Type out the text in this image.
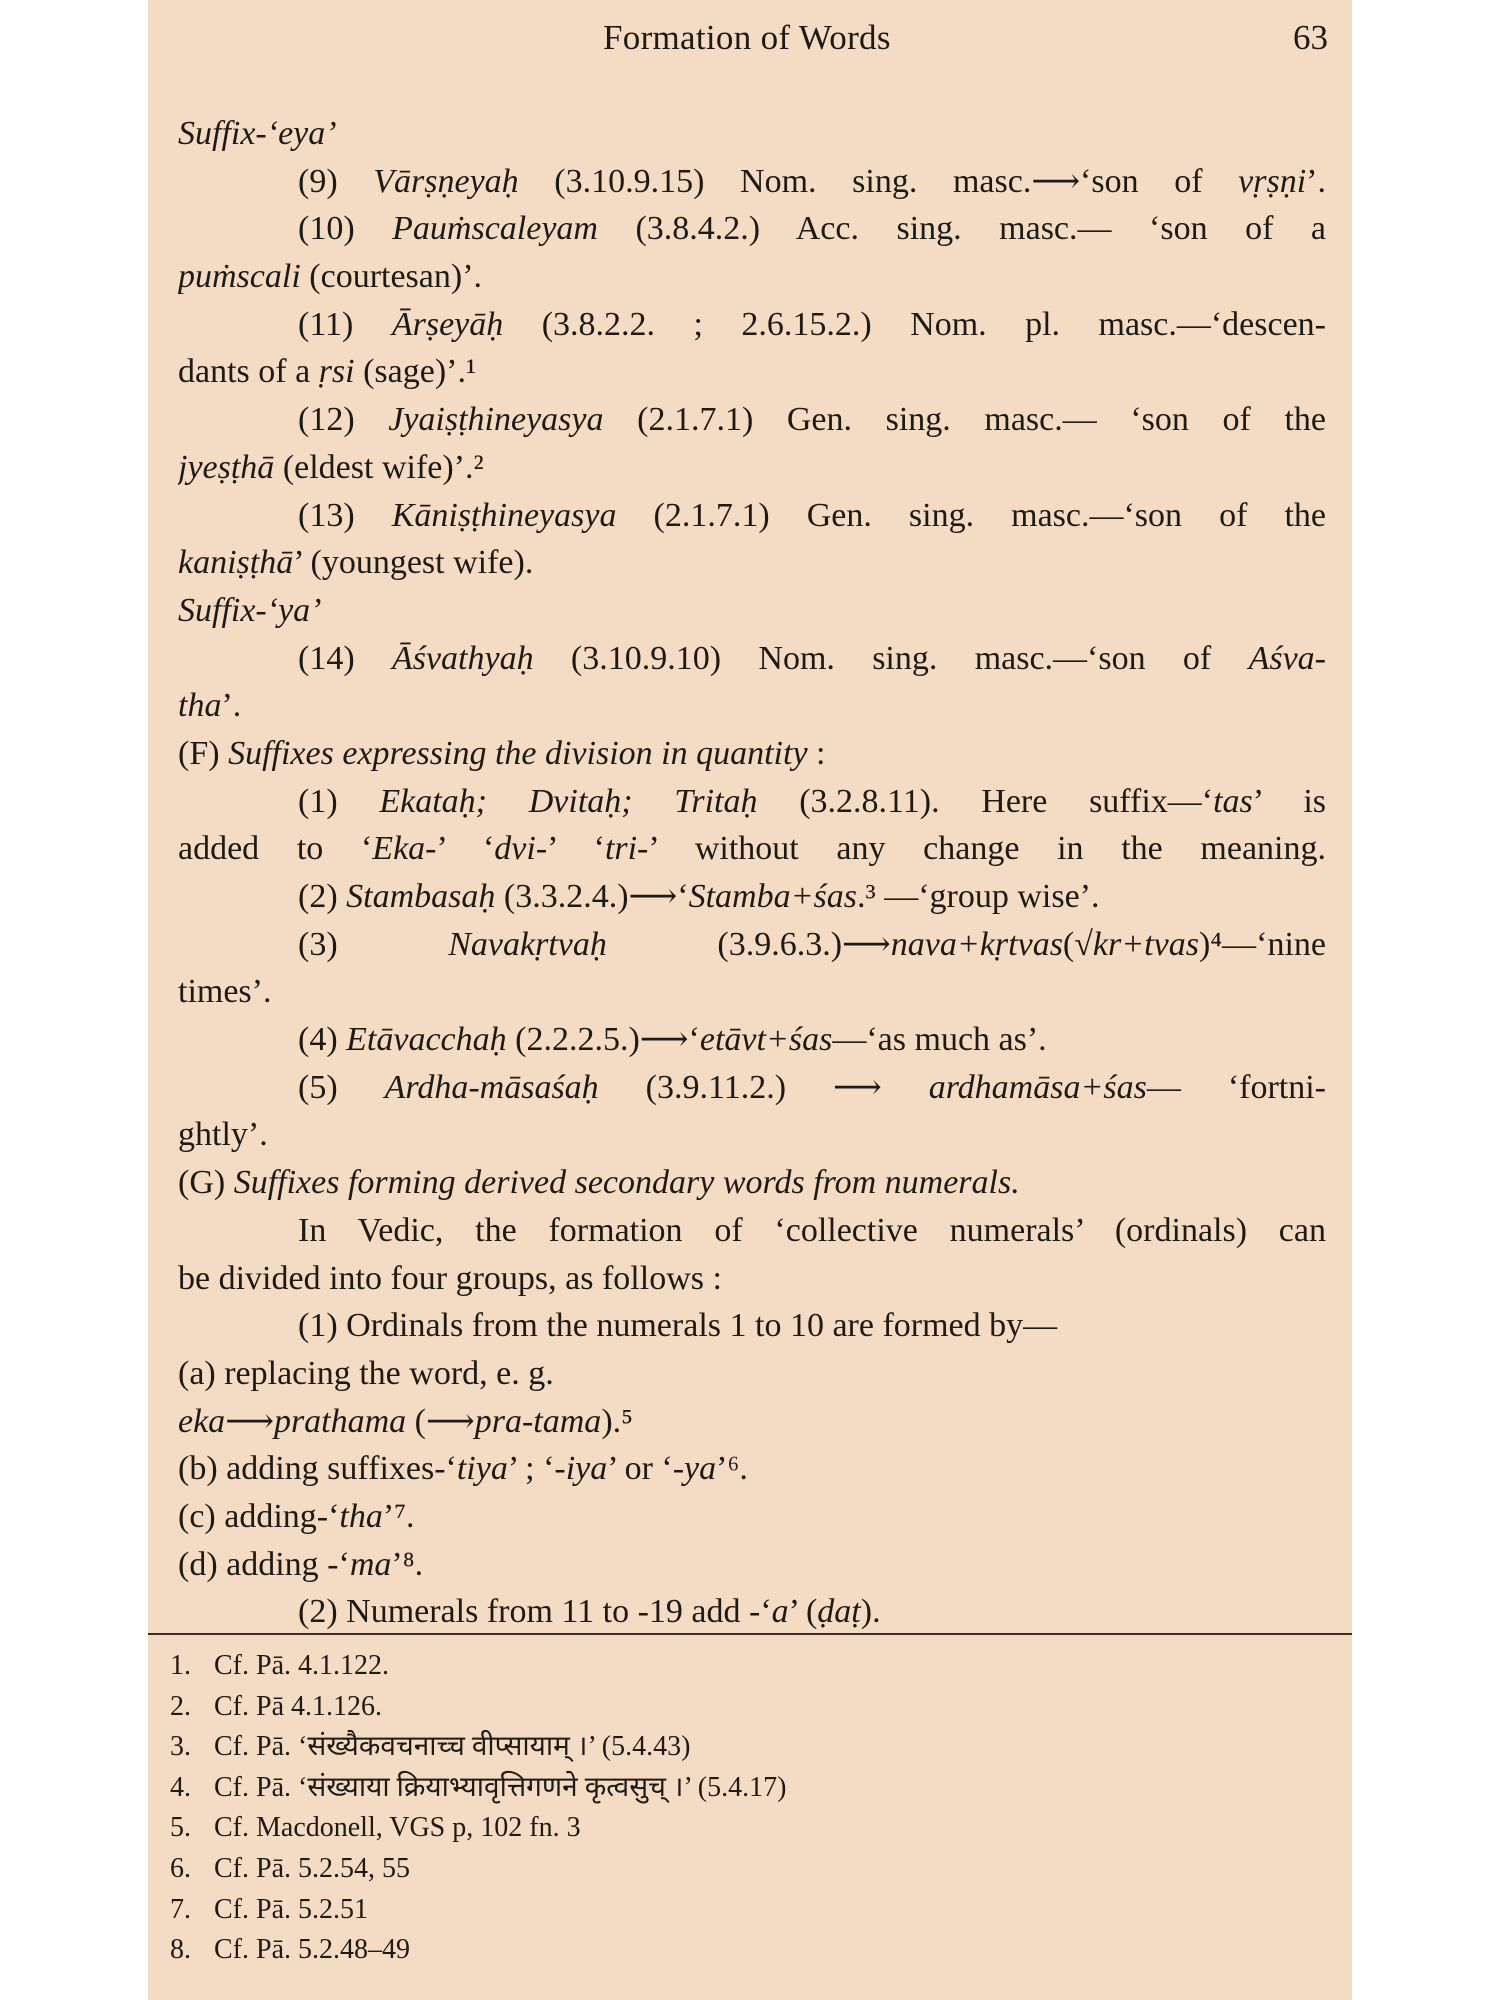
Formation of Words	63
Suffix-‘eya’
(9) Vārṣṇeyaḥ (3.10.9.15) Nom. sing. masc.⟶‘son of vṛṣṇi’.
(10) Pauṁscaleyam (3.8.4.2.) Acc. sing. masc.— ‘son of a
puṁscali (courtesan)’.
(11) Ārṣeyāḥ (3.8.2.2. ; 2.6.15.2.) Nom. pl. masc.—‘descen-
dants of a ṛsi (sage)’.¹
(12) Jyaiṣṭhineyasya (2.1.7.1) Gen. sing. masc.— ‘son of the
jyeṣṭhā (eldest wife)’.²
(13) Kāniṣṭhineyasya (2.1.7.1) Gen. sing. masc.—‘son of the
kaniṣṭhā’ (youngest wife).
Suffix-‘ya’
(14) Āśvathyaḥ (3.10.9.10) Nom. sing. masc.—‘son of Aśva-
tha’.
(F) Suffixes expressing the division in quantity :
(1) Ekataḥ; Dvitaḥ; Tritaḥ (3.2.8.11). Here suffix—‘tas’ is
added to ‘Eka-’ ‘dvi-’ ‘tri-’ without any change in the meaning.
(2) Stambasaḥ (3.3.2.4.)⟶‘Stamba+śas.³ —‘group wise’.
(3) Navakṛtvaḥ (3.9.6.3.)⟶nava+kṛtvas(√kr+tvas)⁴—‘nine
times’.
(4) Etāvacchaḥ (2.2.2.5.)⟶‘etāvt+śas—‘as much as’.
(5) Ardha-māsaśaḥ (3.9.11.2.) ⟶ ardhamāsa+śas— ‘fortni-
ghtly’.
(G) Suffixes forming derived secondary words from numerals.
In Vedic, the formation of ‘collective numerals’ (ordinals) can
be divided into four groups, as follows :
(1) Ordinals from the numerals 1 to 10 are formed by—
(a) replacing the word, e. g.
eka⟶prathama (⟶pra-tama).⁵
(b) adding suffixes-‘tiya’ ; ‘-iya’ or ‘-ya’⁶.
(c) adding-‘tha’⁷.
(d) adding -‘ma’⁸.
(2) Numerals from 11 to -19 add -‘a’ (ḍaṭ).
1. Cf. Pā. 4.1.122.
2. Cf. Pā 4.1.126.
3. Cf. Pā. ‘संख्यैकवचनाच्च वीप्सायाम् ।’ (5.4.43)
4. Cf. Pā. ‘संख्याया क्रियाभ्यावृत्तिगणने कृत्वसुच् ।’ (5.4.17)
5. Cf. Macdonell, VGS p, 102 fn. 3
6. Cf. Pā. 5.2.54, 55
7. Cf. Pā. 5.2.51
8. Cf. Pā. 5.2.48–49
